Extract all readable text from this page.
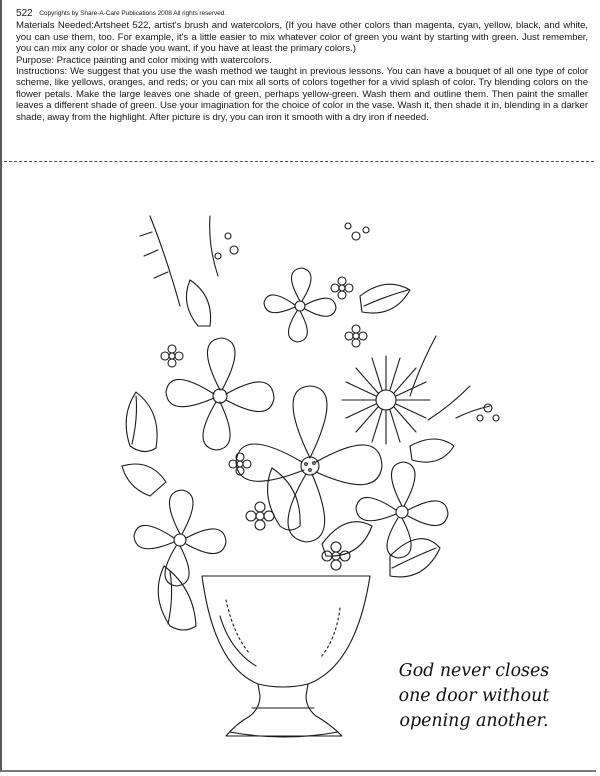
522 Copyrights by Share-A-Care Publications 2008 All rights reserved.

Materials Needed:Artsheet 522, artist's brush and watercolors, (If you have other colors than magenta, cyan, yellow, black, and white, you can use them, too. For example, it's a little easier to mix whatever color of green you want by starting with green. Just remember, you can mix any color or shade you want, if you have at least the primary colors.)

Purpose: Practice painting and color mixing with watercolors.

Instructions: We suggest that you use the wash method we taught in previous lessons. You can have a bouquet of all one type of color scheme, like yellows, oranges, and reds; or you can mix all sorts of colors together for a vivid splash of color. Try blending colors on the flower petals. Make the large leaves one shade of green, perhaps yellow-green. Wash them and outline them. Then paint the smaller leaves a different shade of green. Use your imagination for the choice of color in the vase. Wash it, then shade it in, blending in a darker shade, away from the highlight. After picture is dry, you can iron it smooth with a dry iron if needed.

God never closes
one door without
opening another.
